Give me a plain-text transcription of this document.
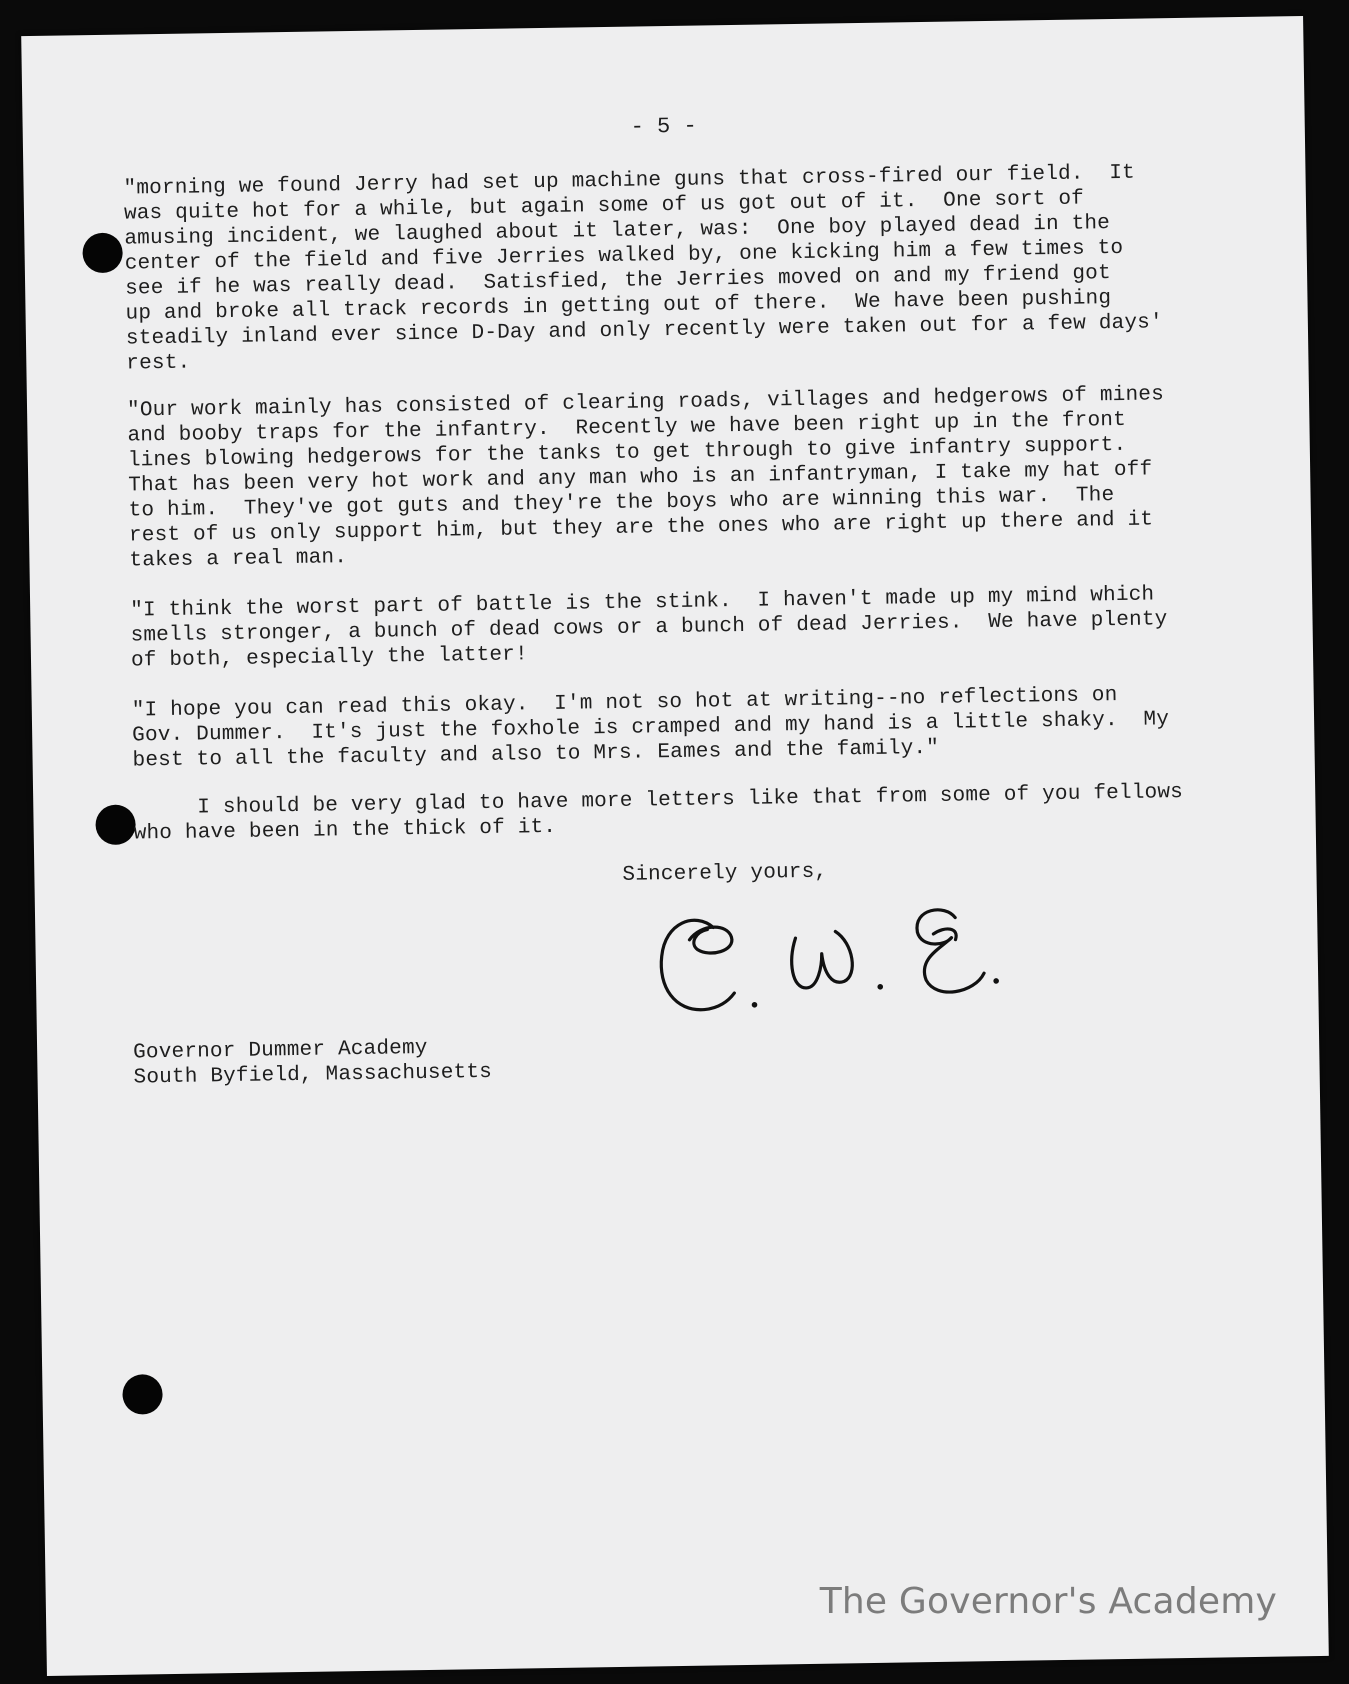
- 5 -

"morning we found Jerry had set up machine guns that cross-fired our field.  It
was quite hot for a while, but again some of us got out of it.  One sort of
amusing incident, we laughed about it later, was:  One boy played dead in the
center of the field and five Jerries walked by, one kicking him a few times to
see if he was really dead.  Satisfied, the Jerries moved on and my friend got
up and broke all track records in getting out of there.  We have been pushing
steadily inland ever since D-Day and only recently were taken out for a few days'
rest.

"Our work mainly has consisted of clearing roads, villages and hedgerows of mines
and booby traps for the infantry.  Recently we have been right up in the front
lines blowing hedgerows for the tanks to get through to give infantry support.
That has been very hot work and any man who is an infantryman, I take my hat off
to him.  They've got guts and they're the boys who are winning this war.  The
rest of us only support him, but they are the ones who are right up there and it
takes a real man.

"I think the worst part of battle is the stink.  I haven't made up my mind which
smells stronger, a bunch of dead cows or a bunch of dead Jerries.  We have plenty
of both, especially the latter!

"I hope you can read this okay.  I'm not so hot at writing--no reflections on
Gov. Dummer.  It's just the foxhole is cramped and my hand is a little shaky.  My
best to all the faculty and also to Mrs. Eames and the family."

I should be very glad to have more letters like that from some of you fellows
who have been in the thick of it.

Sincerely yours,

Governor Dummer Academy

South Byfield, Massachusetts

The Governor's Academy
